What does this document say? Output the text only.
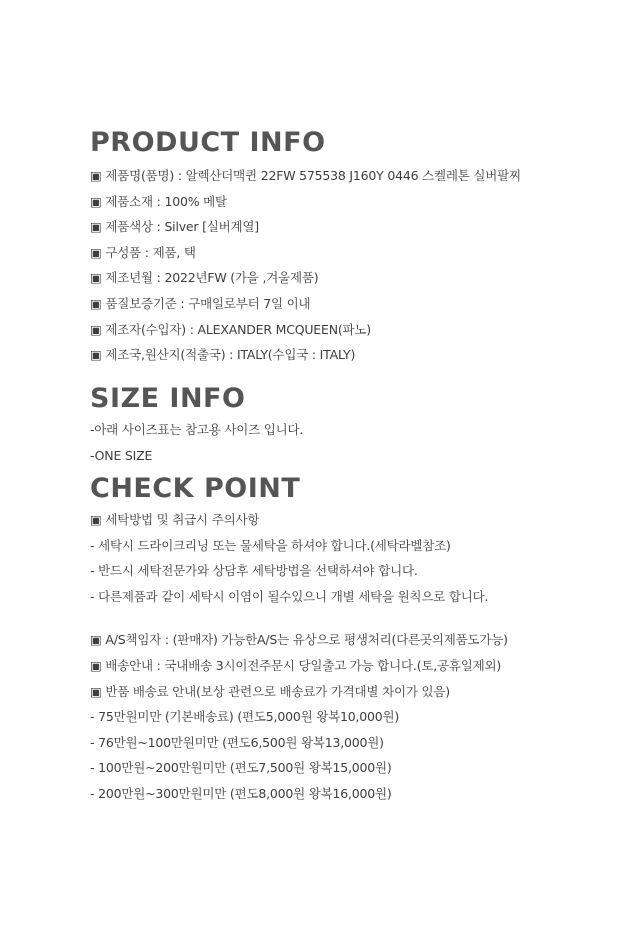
PRODUCT INFO
▣ 제품명(품명) : 알렉산더맥퀸 22FW 575538 J160Y 0446 스켈레톤 실버팔찌
▣ 제품소재 : 100% 메탈
▣ 제품색상 : Silver [실버계열]
▣ 구성품 : 제품, 택
▣ 제조년월 : 2022년FW (가을 ,겨울제품)
▣ 품질보증기준 : 구매일로부터 7일 이내
▣ 제조자(수입자) : ALEXANDER MCQUEEN(파노)
▣ 제조국,원산지(적출국) : ITALY(수입국 : ITALY)
SIZE INFO
-아래 사이즈표는 참고용 사이즈 입니다.
-ONE SIZE
CHECK POINT
▣ 세탁방법 및 취급시 주의사항
- 세탁시 드라이크리닝 또는 물세탁을 하셔야 합니다.(세탁라벨참조)
- 반드시 세탁전문가와 상담후 세탁방법을 선택하셔야 합니다.
- 다른제품과 같이 세탁시 이염이 될수있으니 개별 세탁을 원칙으로 합니다.
▣ A/S책임자 : (판매자) 가능한A/S는 유상으로 평생처리(다른곳의제품도가능)
▣ 배송안내 : 국내배송 3시이전주문시 당일출고 가능 합니다.(토,공휴일제외)
▣ 반품 배송료 안내(보상 관련으로 배송료가 가격대별 차이가 있음)
- 75만원미만 (기본배송료) (편도5,000원 왕복10,000원)
- 76만원~100만원미만 (편도6,500원 왕복13,000원)
- 100만원~200만원미만 (편도7,500원 왕복15,000원)
- 200만원~300만원미만 (편도8,000원 왕복16,000원)
